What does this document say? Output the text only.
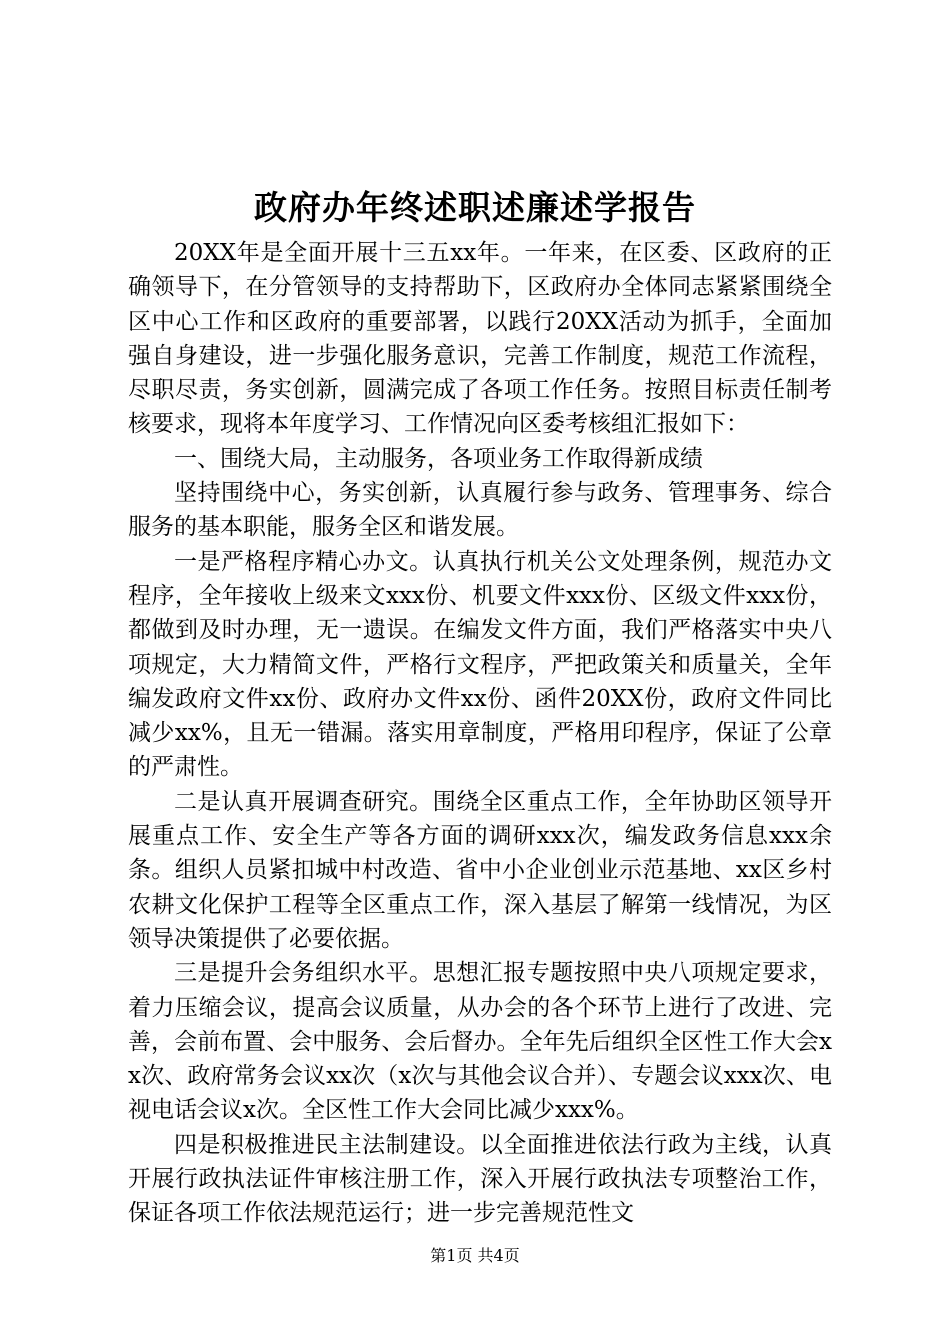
政府办年终述职述廉述学报告

20XX年是全面开展十三五xx年。一年来，在区委、区政府的正确领导下，在分管领导的支持帮助下，区政府办全体同志紧紧围绕全区中心工作和区政府的重要部署，以践行20XX活动为抓手，全面加强自身建设，进一步强化服务意识，完善工作制度，规范工作流程，尽职尽责，务实创新，圆满完成了各项工作任务。按照目标责任制考核要求，现将本年度学习、工作情况向区委考核组汇报如下：

一、围绕大局，主动服务，各项业务工作取得新成绩

坚持围绕中心，务实创新，认真履行参与政务、管理事务、综合服务的基本职能，服务全区和谐发展。

一是严格程序精心办文。认真执行机关公文处理条例，规范办文程序，全年接收上级来文xxx份、机要文件xxx份、区级文件xxx份，都做到及时办理，无一遗误。在编发文件方面，我们严格落实中央八项规定，大力精简文件，严格行文程序，严把政策关和质量关，全年编发政府文件xx份、政府办文件xx份、函件20XX份，政府文件同比减少xx%，且无一错漏。落实用章制度，严格用印程序，保证了公章的严肃性。

二是认真开展调查研究。围绕全区重点工作，全年协助区领导开展重点工作、安全生产等各方面的调研xxx次，编发政务信息xxx余条。组织人员紧扣城中村改造、省中小企业创业示范基地、xx区乡村农耕文化保护工程等全区重点工作，深入基层了解第一线情况，为区领导决策提供了必要依据。

三是提升会务组织水平。思想汇报专题按照中央八项规定要求，着力压缩会议，提高会议质量，从办会的各个环节上进行了改进、完善，会前布置、会中服务、会后督办。全年先后组织全区性工作大会xx次、政府常务会议xx次（x次与其他会议合并）、专题会议xxx次、电视电话会议x次。全区性工作大会同比减少xxx%。

四是积极推进民主法制建设。以全面推进依法行政为主线，认真开展行政执法证件审核注册工作，深入开展行政执法专项整治工作，保证各项工作依法规范运行；进一步完善规范性文

第1页 共4页
